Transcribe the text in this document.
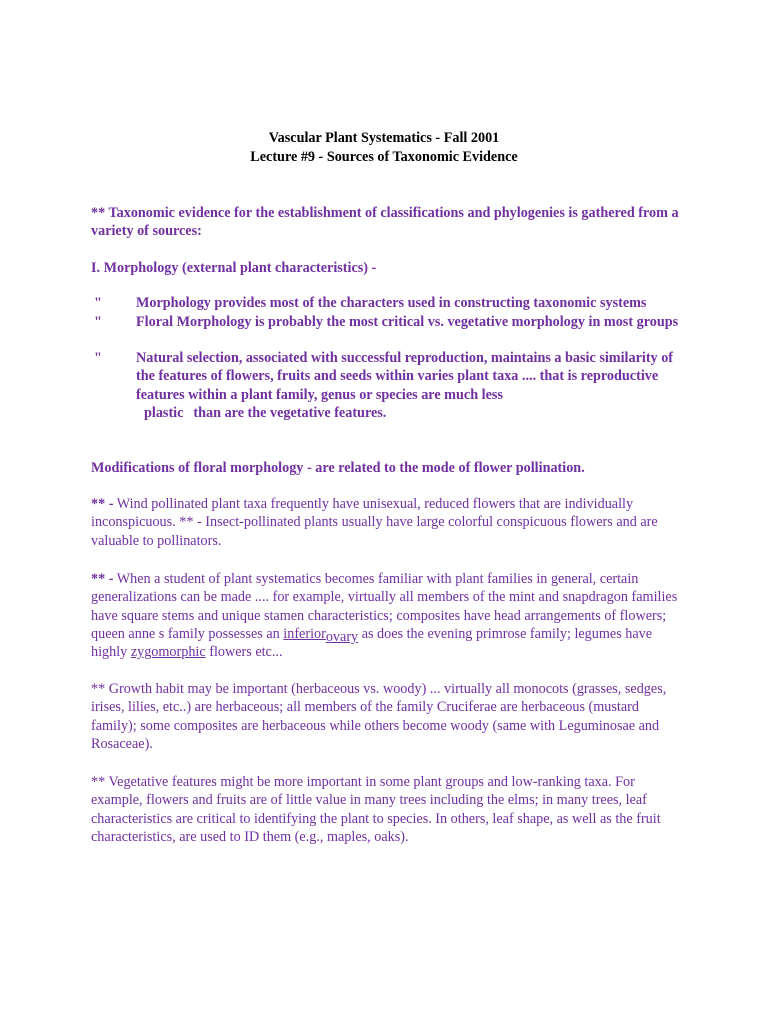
Vascular Plant Systematics - Fall 2001
Lecture #9 - Sources of Taxonomic Evidence
** Taxonomic evidence for the establishment of classifications and phylogenies is gathered from a variety of sources:
I. Morphology (external plant characteristics) -
" Morphology provides most of the characters used in constructing taxonomic systems
" Floral Morphology is probably the most critical vs. vegetative morphology in most groups
" Natural selection, associated with successful reproduction, maintains a basic similarity of the features of flowers, fruits and seeds within varies plant taxa .... that is reproductive features within a plant family, genus or species are much less
plastic than are the vegetative features.
Modifications of floral morphology - are related to the mode of flower pollination.
** - Wind pollinated plant taxa frequently have unisexual, reduced flowers that are individually inconspicuous. ** - Insect-pollinated plants usually have large colorful conspicuous flowers and are valuable to pollinators.
** - When a student of plant systematics becomes familiar with plant families in general, certain generalizations can be made .... for example, virtually all members of the mint and snapdragon families have square stems and unique stamen characteristics; composites have head arrangements of flowers; queen anne s family possesses an inferiorovary as does the evening primrose family; legumes have highly zygomorphic flowers etc...
** Growth habit may be important (herbaceous vs. woody) ... virtually all monocots (grasses, sedges, irises, lilies, etc..) are herbaceous; all members of the family Cruciferae are herbaceous (mustard family); some composites are herbaceous while others become woody (same with Leguminosae and Rosaceae).
** Vegetative features might be more important in some plant groups and low-ranking taxa. For example, flowers and fruits are of little value in many trees including the elms; in many trees, leaf characteristics are critical to identifying the plant to species. In others, leaf shape, as well as the fruit characteristics, are used to ID them (e.g., maples, oaks).
